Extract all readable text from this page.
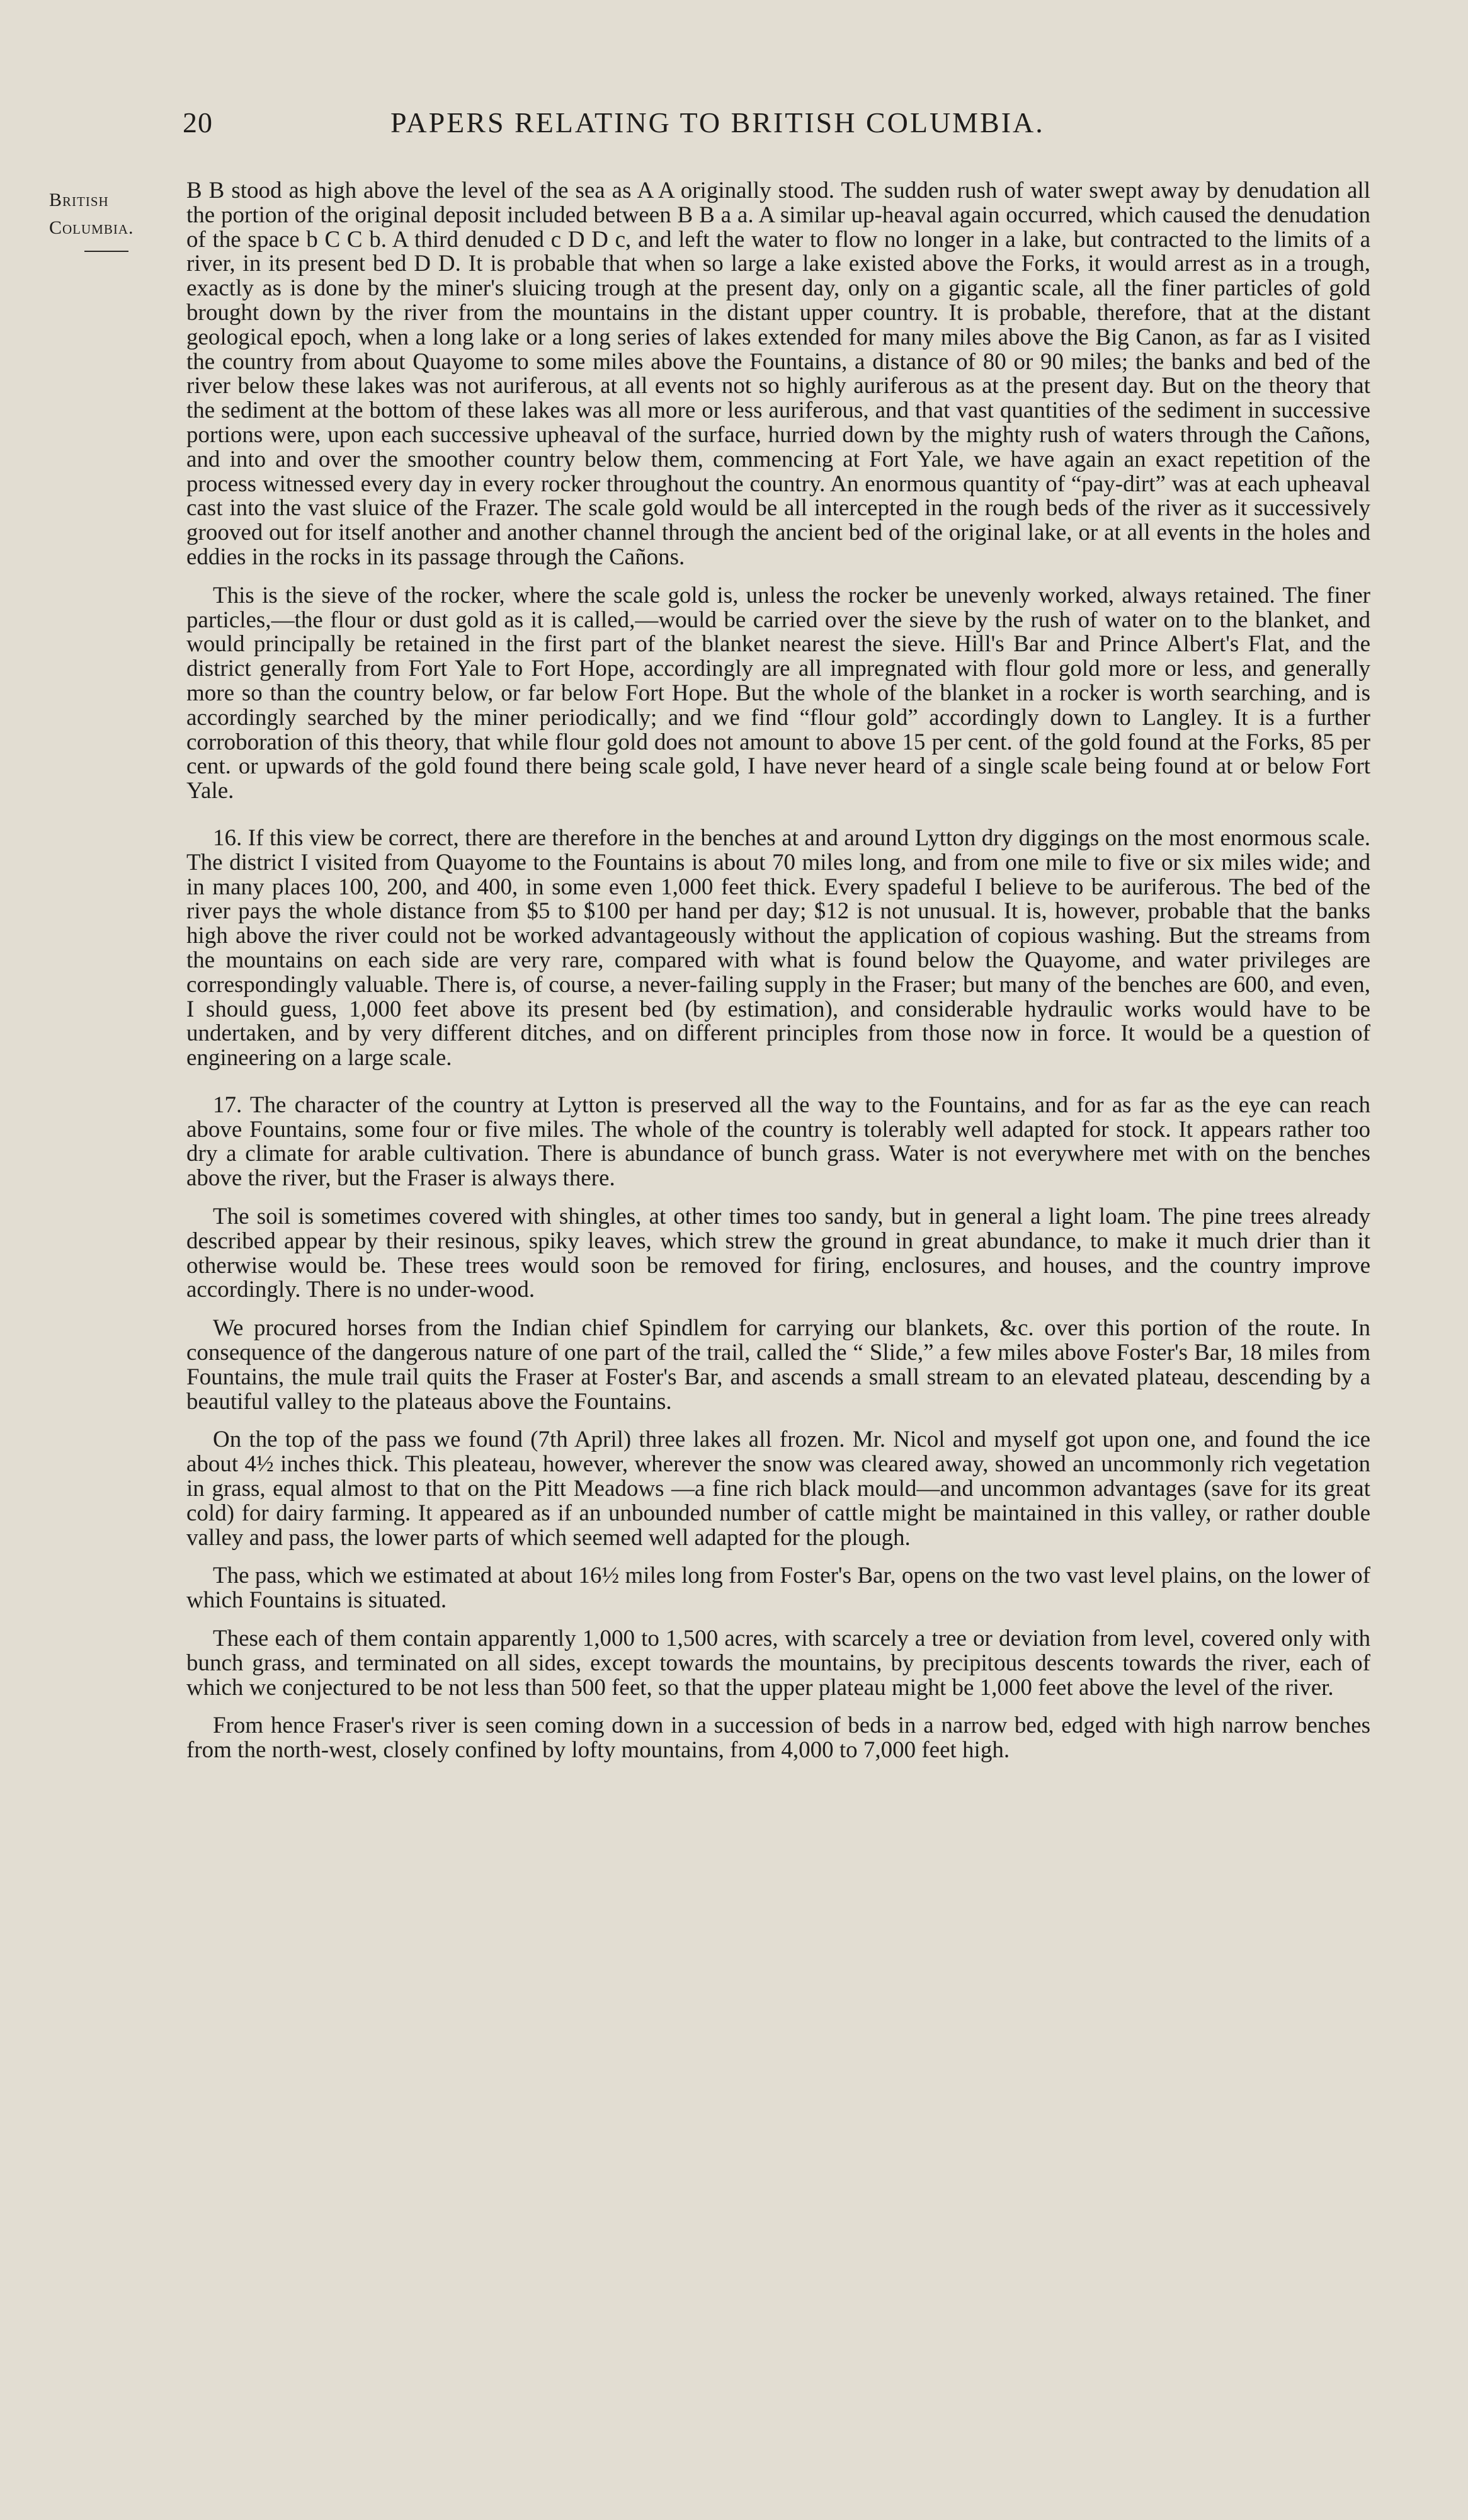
20	PAPERS RELATING TO BRITISH COLUMBIA.
British
Columbia.

B B stood as high above the level of the sea as A A originally stood. The sudden rush of water swept away by denudation all the portion of the original deposit included between B B a a. A similar up-heaval again occurred, which caused the denudation of the space b C C b. A third denuded c D D c, and left the water to flow no longer in a lake, but contracted to the limits of a river, in its present bed D D. It is probable that when so large a lake existed above the Forks, it would arrest as in a trough, exactly as is done by the miner's sluicing trough at the present day, only on a gigantic scale, all the finer particles of gold brought down by the river from the mountains in the distant upper country. It is probable, therefore, that at the distant geological epoch, when a long lake or a long series of lakes extended for many miles above the Big Canon, as far as I visited the country from about Quayome to some miles above the Fountains, a distance of 80 or 90 miles; the banks and bed of the river below these lakes was not auriferous, at all events not so highly auriferous as at the present day. But on the theory that the sediment at the bottom of these lakes was all more or less auriferous, and that vast quantities of the sediment in successive portions were, upon each successive upheaval of the surface, hurried down by the mighty rush of waters through the Cañons, and into and over the smoother country below them, commencing at Fort Yale, we have again an exact repetition of the process witnessed every day in every rocker throughout the country. An enormous quantity of “pay-dirt” was at each upheaval cast into the vast sluice of the Frazer. The scale gold would be all intercepted in the rough beds of the river as it successively grooved out for itself another and another channel through the ancient bed of the original lake, or at all events in the holes and eddies in the rocks in its passage through the Cañons.

This is the sieve of the rocker, where the scale gold is, unless the rocker be unevenly worked, always retained. The finer particles,—the flour or dust gold as it is called,—would be carried over the sieve by the rush of water on to the blanket, and would principally be retained in the first part of the blanket nearest the sieve. Hill's Bar and Prince Albert's Flat, and the district generally from Fort Yale to Fort Hope, accordingly are all impregnated with flour gold more or less, and generally more so than the country below, or far below Fort Hope. But the whole of the blanket in a rocker is worth searching, and is accordingly searched by the miner periodically; and we find “flour gold” accordingly down to Langley. It is a further corroboration of this theory, that while flour gold does not amount to above 15 per cent. of the gold found at the Forks, 85 per cent. or upwards of the gold found there being scale gold, I have never heard of a single scale being found at or below Fort Yale.

16. If this view be correct, there are therefore in the benches at and around Lytton dry diggings on the most enormous scale. The district I visited from Quayome to the Fountains is about 70 miles long, and from one mile to five or six miles wide; and in many places 100, 200, and 400, in some even 1,000 feet thick. Every spadeful I believe to be auriferous. The bed of the river pays the whole distance from $5 to $100 per hand per day; $12 is not unusual. It is, however, probable that the banks high above the river could not be worked advantageously without the application of copious washing. But the streams from the mountains on each side are very rare, compared with what is found below the Quayome, and water privileges are correspondingly valuable. There is, of course, a never-failing supply in the Fraser; but many of the benches are 600, and even, I should guess, 1,000 feet above its present bed (by estimation), and considerable hydraulic works would have to be undertaken, and by very different ditches, and on different principles from those now in force. It would be a question of engineering on a large scale.

17. The character of the country at Lytton is preserved all the way to the Fountains, and for as far as the eye can reach above Fountains, some four or five miles. The whole of the country is tolerably well adapted for stock. It appears rather too dry a climate for arable cultivation. There is abundance of bunch grass. Water is not everywhere met with on the benches above the river, but the Fraser is always there.

The soil is sometimes covered with shingles, at other times too sandy, but in general a light loam. The pine trees already described appear by their resinous, spiky leaves, which strew the ground in great abundance, to make it much drier than it otherwise would be. These trees would soon be removed for firing, enclosures, and houses, and the country improve accordingly. There is no under-wood.

We procured horses from the Indian chief Spindlem for carrying our blankets, &c. over this portion of the route. In consequence of the dangerous nature of one part of the trail, called the “ Slide,” a few miles above Foster's Bar, 18 miles from Fountains, the mule trail quits the Fraser at Foster's Bar, and ascends a small stream to an elevated plateau, descending by a beautiful valley to the plateaus above the Fountains.

On the top of the pass we found (7th April) three lakes all frozen. Mr. Nicol and myself got upon one, and found the ice about 4½ inches thick. This pleateau, however, wherever the snow was cleared away, showed an uncommonly rich vegetation in grass, equal almost to that on the Pitt Meadows —a fine rich black mould—and uncommon advantages (save for its great cold) for dairy farming. It appeared as if an unbounded number of cattle might be maintained in this valley, or rather double valley and pass, the lower parts of which seemed well adapted for the plough.

The pass, which we estimated at about 16½ miles long from Foster's Bar, opens on the two vast level plains, on the lower of which Fountains is situated.

These each of them contain apparently 1,000 to 1,500 acres, with scarcely a tree or deviation from level, covered only with bunch grass, and terminated on all sides, except towards the mountains, by precipitous descents towards the river, each of which we conjectured to be not less than 500 feet, so that the upper plateau might be 1,000 feet above the level of the river.

From hence Fraser's river is seen coming down in a succession of beds in a narrow bed, edged with high narrow benches from the north-west, closely confined by lofty mountains, from 4,000 to 7,000 feet high.
